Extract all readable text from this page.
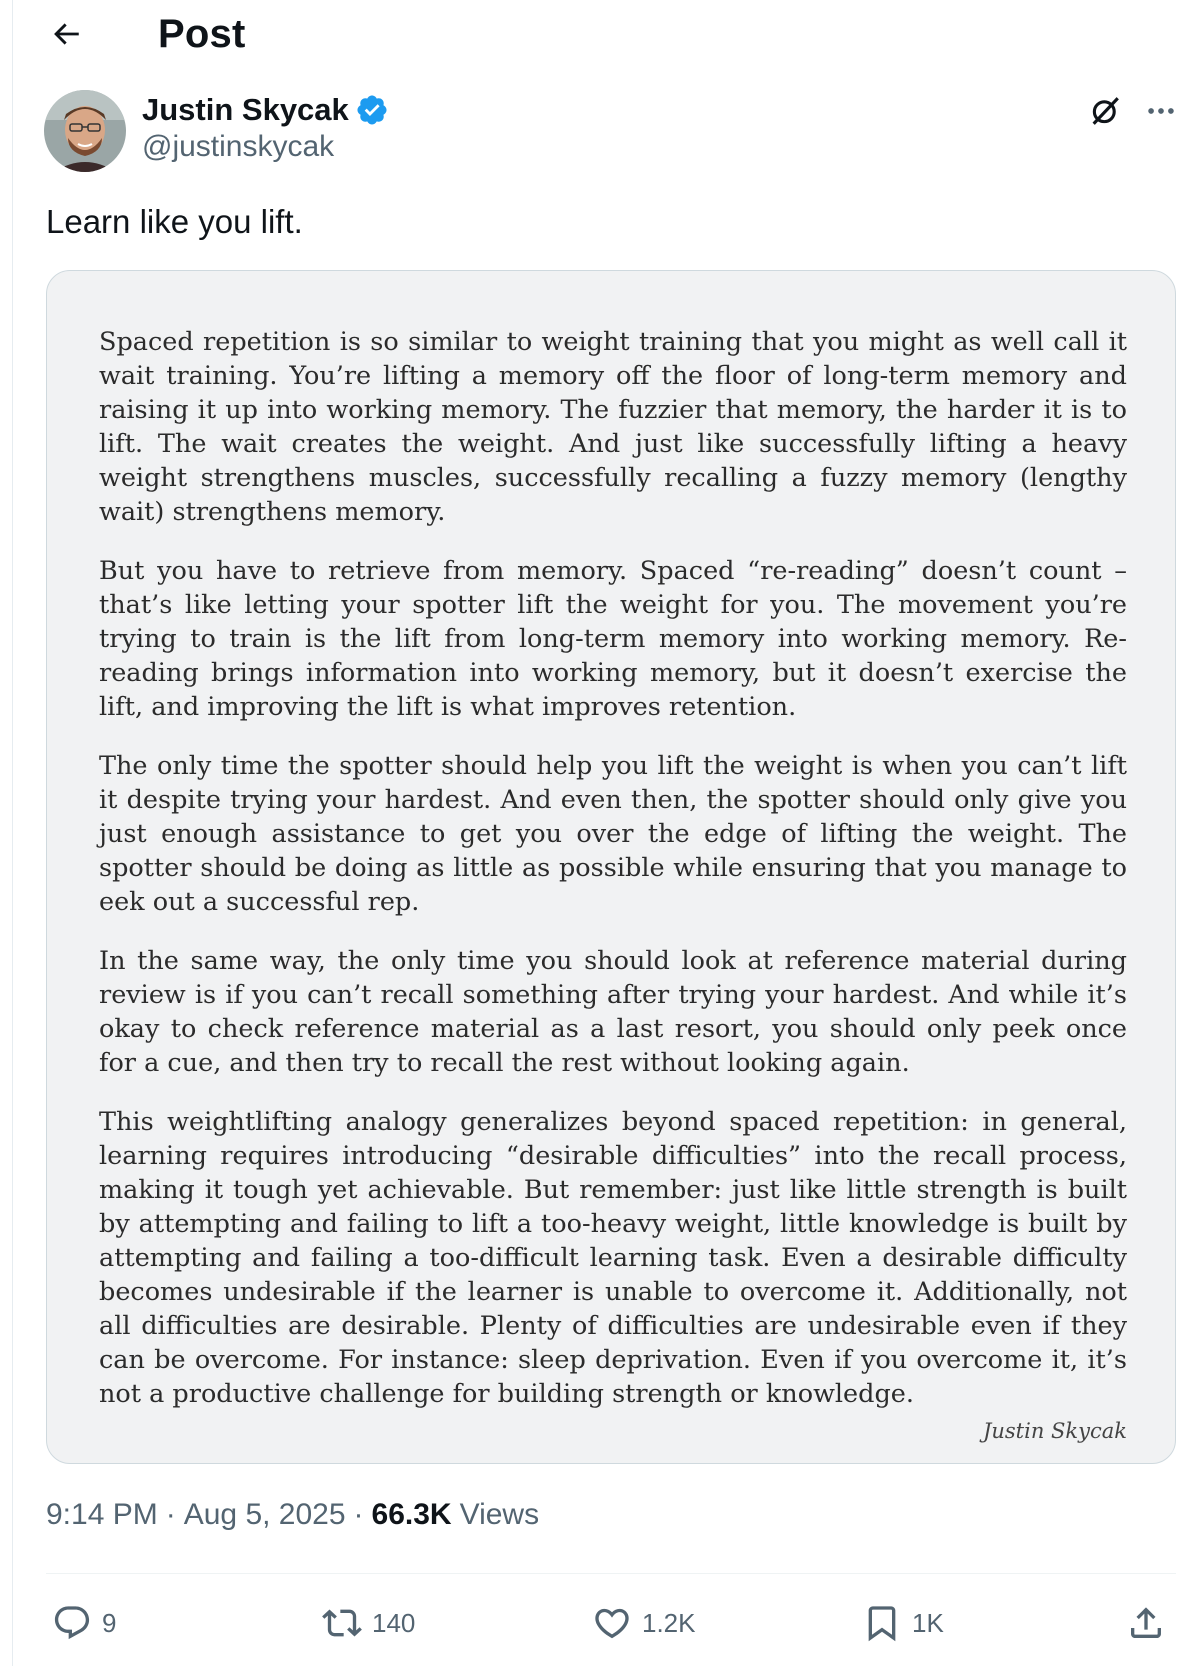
Post
Justin Skycak
@justinskycak
Learn like you lift.

Spaced repetition is so similar to weight training that you might as well call it wait training. You’re lifting a memory off the floor of long-term memory and raising it up into working memory. The fuzzier that memory, the harder it is to lift. The wait creates the weight. And just like successfully lifting a heavy weight strengthens muscles, successfully recalling a fuzzy memory (lengthy wait) strengthens memory.

But you have to retrieve from memory. Spaced “re-reading” doesn’t count – that’s like letting your spotter lift the weight for you. The movement you’re trying to train is the lift from long-term memory into working memory. Re-reading brings information into working memory, but it doesn’t exercise the lift, and improving the lift is what improves retention.

The only time the spotter should help you lift the weight is when you can’t lift it despite trying your hardest. And even then, the spotter should only give you just enough assistance to get you over the edge of lifting the weight. The spotter should be doing as little as possible while ensuring that you manage to eek out a successful rep.

In the same way, the only time you should look at reference material during review is if you can’t recall something after trying your hardest. And while it’s okay to check reference material as a last resort, you should only peek once for a cue, and then try to recall the rest without looking again.

This weightlifting analogy generalizes beyond spaced repetition: in general, learning requires introducing “desirable difficulties” into the recall process, making it tough yet achievable. But remember: just like little strength is built by attempting and failing to lift a too-heavy weight, little knowledge is built by attempting and failing a too-difficult learning task. Even a desirable difficulty becomes undesirable if the learner is unable to overcome it. Additionally, not all difficulties are desirable. Plenty of difficulties are undesirable even if they can be overcome. For instance: sleep deprivation. Even if you overcome it, it’s not a productive challenge for building strength or knowledge.

Justin Skycak
9:14 PM · Aug 5, 2025 · 66.3K Views
9	140	1.2K	1K
